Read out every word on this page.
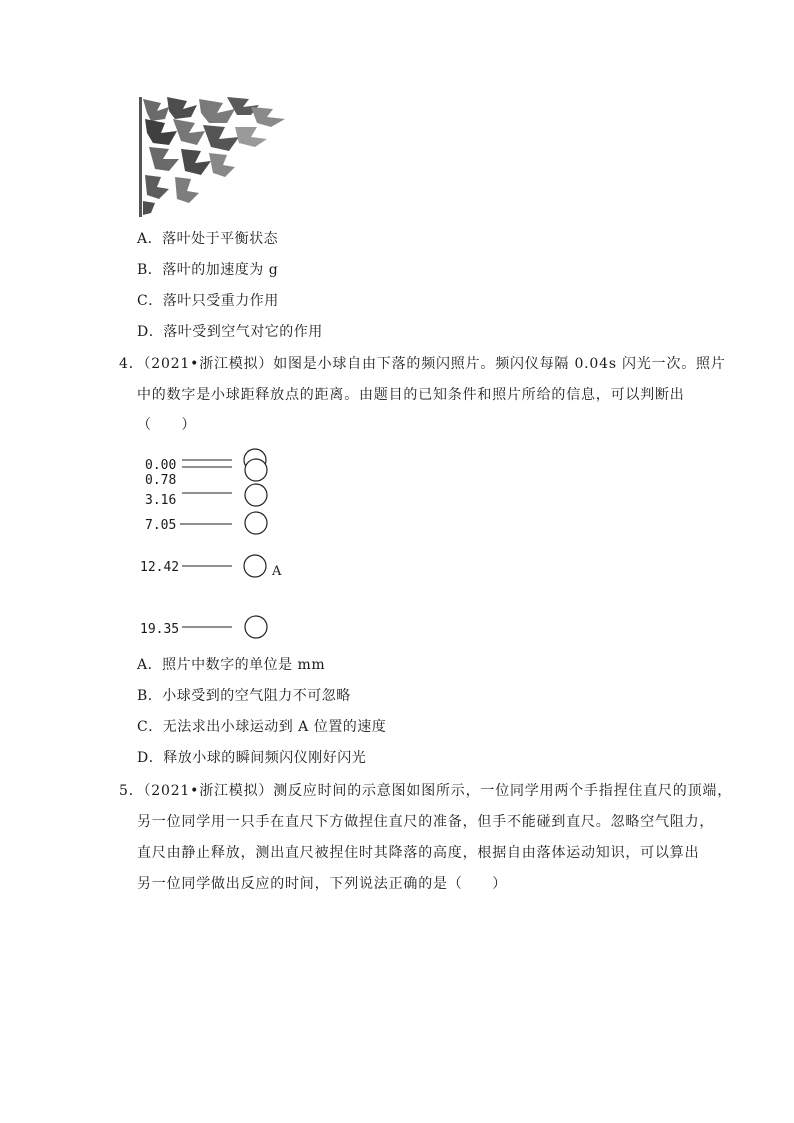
A．落叶处于平衡状态
B．落叶的加速度为 g
C．落叶只受重力作用
D．落叶受到空气对它的作用
4．（2021•浙江模拟）如图是小球自由下落的频闪照片。频闪仪每隔 0.04s 闪光一次。照片
中的数字是小球距释放点的距离。由题目的已知条件和照片所给的信息，可以判断出
（　　）
0.00
0.78
3.16
7.05
12.42
19.35
A
A．照片中数字的单位是 mm
B．小球受到的空气阻力不可忽略
C．无法求出小球运动到 A 位置的速度
D．释放小球的瞬间频闪仪刚好闪光
5．（2021•浙江模拟）测反应时间的示意图如图所示，一位同学用两个手指捏住直尺的顶端，
另一位同学用一只手在直尺下方做捏住直尺的准备，但手不能碰到直尺。忽略空气阻力，
直尺由静止释放，测出直尺被捏住时其降落的高度，根据自由落体运动知识，可以算出
另一位同学做出反应的时间，下列说法正确的是（　　）
